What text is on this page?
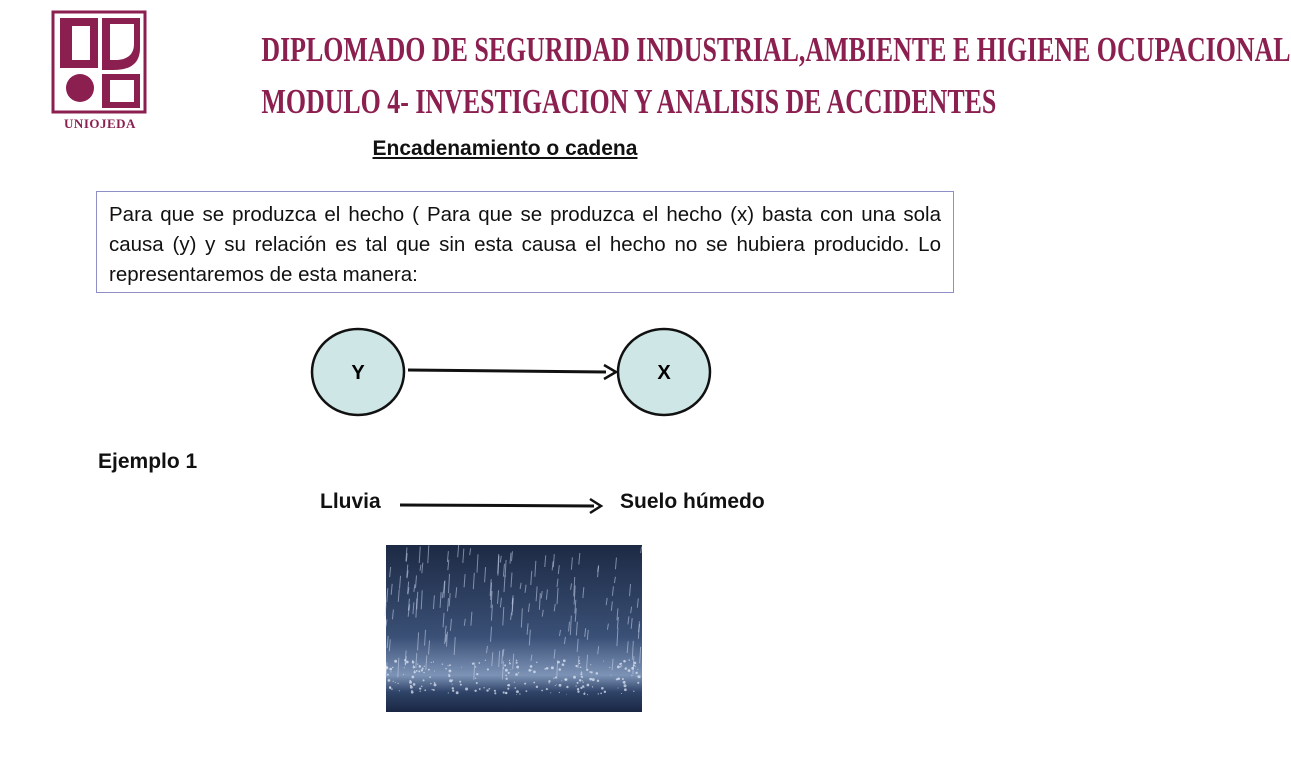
UNIOJEDA
DIPLOMADO DE SEGURIDAD INDUSTRIAL,AMBIENTE E HIGIENE OCUPACIONAL
MODULO 4- INVESTIGACION Y ANALISIS DE ACCIDENTES
Encadenamiento o cadena
Para que se produzca el hecho ( Para que se produzca el hecho (x) basta con una sola causa (y) y su relación es tal que sin esta causa el hecho no se hubiera producido. Lo representaremos de esta manera:
Y	X
Ejemplo 1
Lluvia	Suelo húmedo
